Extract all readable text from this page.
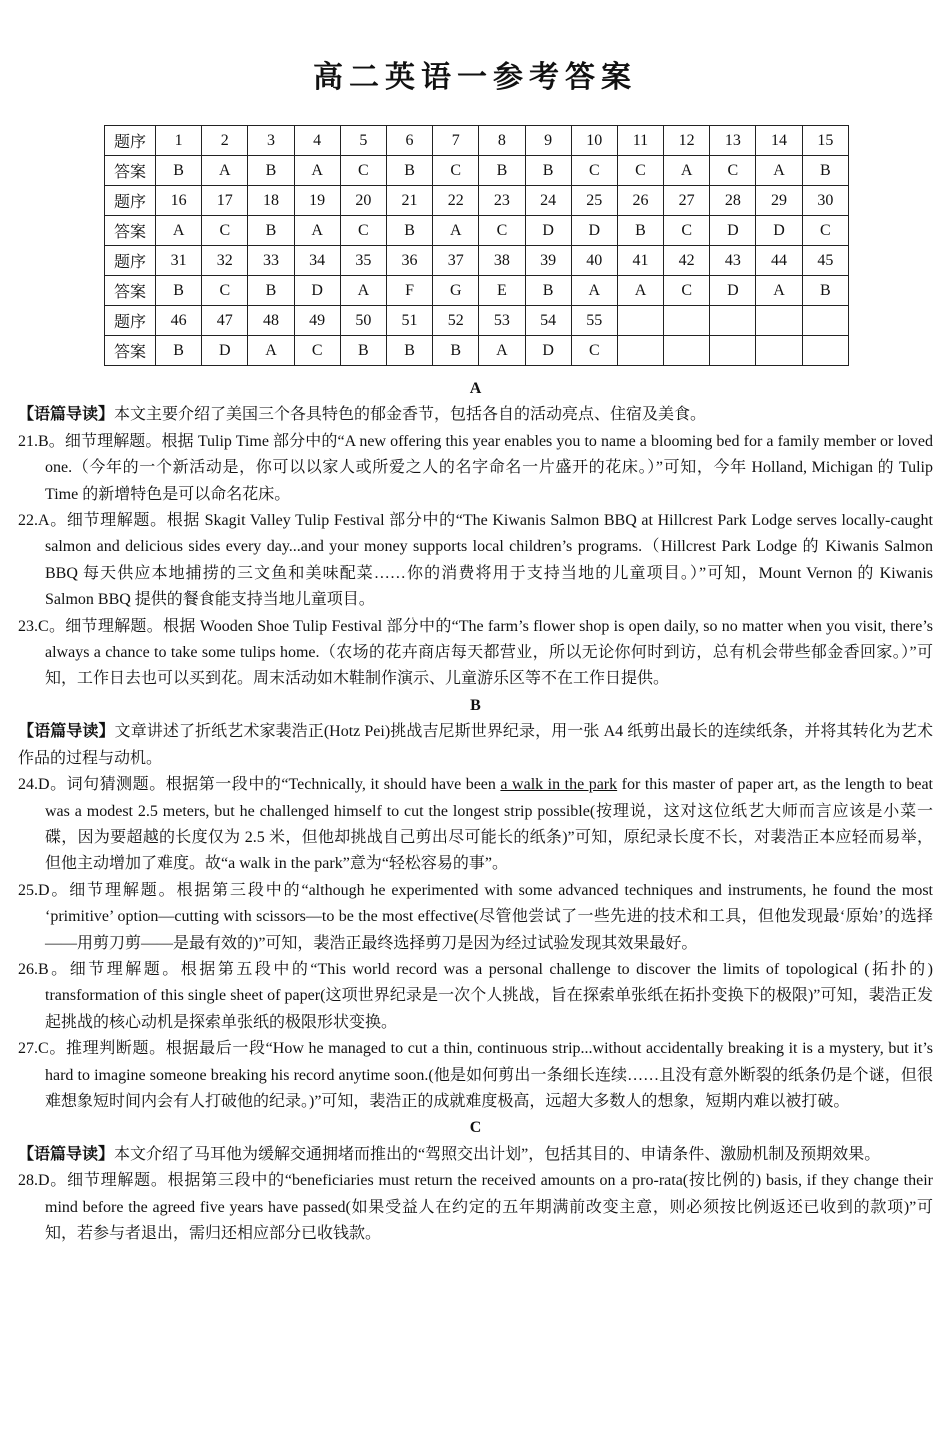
高二英语一参考答案
题序	1	2	3	4	5	6	7	8	9	10	11	12	13	14	15
答案	B	A	B	A	C	B	C	B	B	C	C	A	C	A	B
题序	16	17	18	19	20	21	22	23	24	25	26	27	28	29	30
答案	A	C	B	A	C	B	A	C	D	D	B	C	D	D	C
题序	31	32	33	34	35	36	37	38	39	40	41	42	43	44	45
答案	B	C	B	D	A	F	G	E	B	A	A	C	D	A	B
题序	46	47	48	49	50	51	52	53	54	55					
答案	B	D	A	C	B	B	B	A	D	C					
A

【语篇导读】本文主要介绍了美国三个各具特色的郁金香节，包括各自的活动亮点、住宿及美食。

21.B。细节理解题。根据 Tulip Time 部分中的“A new offering this year enables you to name a blooming bed for a family member or loved one.（今年的一个新活动是，你可以以家人或所爱之人的名字命名一片盛开的花床。）”可知，今年 Holland, Michigan 的 Tulip Time 的新增特色是可以命名花床。

22.A。细节理解题。根据 Skagit Valley Tulip Festival 部分中的“The Kiwanis Salmon BBQ at Hillcrest Park Lodge serves locally-caught salmon and delicious sides every day...and your money supports local children’s programs.（Hillcrest Park Lodge 的 Kiwanis Salmon BBQ 每天供应本地捕捞的三文鱼和美味配菜……你的消费将用于支持当地的儿童项目。）”可知，Mount Vernon 的 Kiwanis Salmon BBQ 提供的餐食能支持当地儿童项目。

23.C。细节理解题。根据 Wooden Shoe Tulip Festival 部分中的“The farm’s flower shop is open daily, so no matter when you visit, there’s always a chance to take some tulips home.（农场的花卉商店每天都营业，所以无论你何时到访，总有机会带些郁金香回家。）”可知，工作日去也可以买到花。周末活动如木鞋制作演示、儿童游乐区等不在工作日提供。

B

【语篇导读】文章讲述了折纸艺术家裴浩正(Hotz Pei)挑战吉尼斯世界纪录，用一张 A4 纸剪出最长的连续纸条，并将其转化为艺术作品的过程与动机。

24.D。词句猜测题。根据第一段中的“Technically, it should have been a walk in the park for this master of paper art, as the length to beat was a modest 2.5 meters, but he challenged himself to cut the longest strip possible(按理说，这对这位纸艺大师而言应该是小菜一碟，因为要超越的长度仅为 2.5 米，但他却挑战自己剪出尽可能长的纸条)”可知，原纪录长度不长，对裴浩正本应轻而易举，但他主动增加了难度。故“a walk in the park”意为“轻松容易的事”。

25.D。细节理解题。根据第三段中的“although he experimented with some advanced techniques and instruments, he found the most ‘primitive’ option—cutting with scissors—to be the most effective(尽管他尝试了一些先进的技术和工具，但他发现最‘原始’的选择——用剪刀剪——是最有效的)”可知，裴浩正最终选择剪刀是因为经过试验发现其效果最好。

26.B。细节理解题。根据第五段中的“This world record was a personal challenge to discover the limits of topological (拓扑的) transformation of this single sheet of paper(这项世界纪录是一次个人挑战，旨在探索单张纸在拓扑变换下的极限)”可知，裴浩正发起挑战的核心动机是探索单张纸的极限形状变换。

27.C。推理判断题。根据最后一段“How he managed to cut a thin, continuous strip...without accidentally breaking it is a mystery, but it’s hard to imagine someone breaking his record anytime soon.(他是如何剪出一条细长连续……且没有意外断裂的纸条仍是个谜，但很难想象短时间内会有人打破他的纪录。)”可知，裴浩正的成就难度极高，远超大多数人的想象，短期内难以被打破。

C

【语篇导读】本文介绍了马耳他为缓解交通拥堵而推出的“驾照交出计划”，包括其目的、申请条件、激励机制及预期效果。

28.D。细节理解题。根据第三段中的“beneficiaries must return the received amounts on a pro-rata(按比例的) basis, if they change their mind before the agreed five years have passed(如果受益人在约定的五年期满前改变主意，则必须按比例返还已收到的款项)”可知，若参与者退出，需归还相应部分已收钱款。
